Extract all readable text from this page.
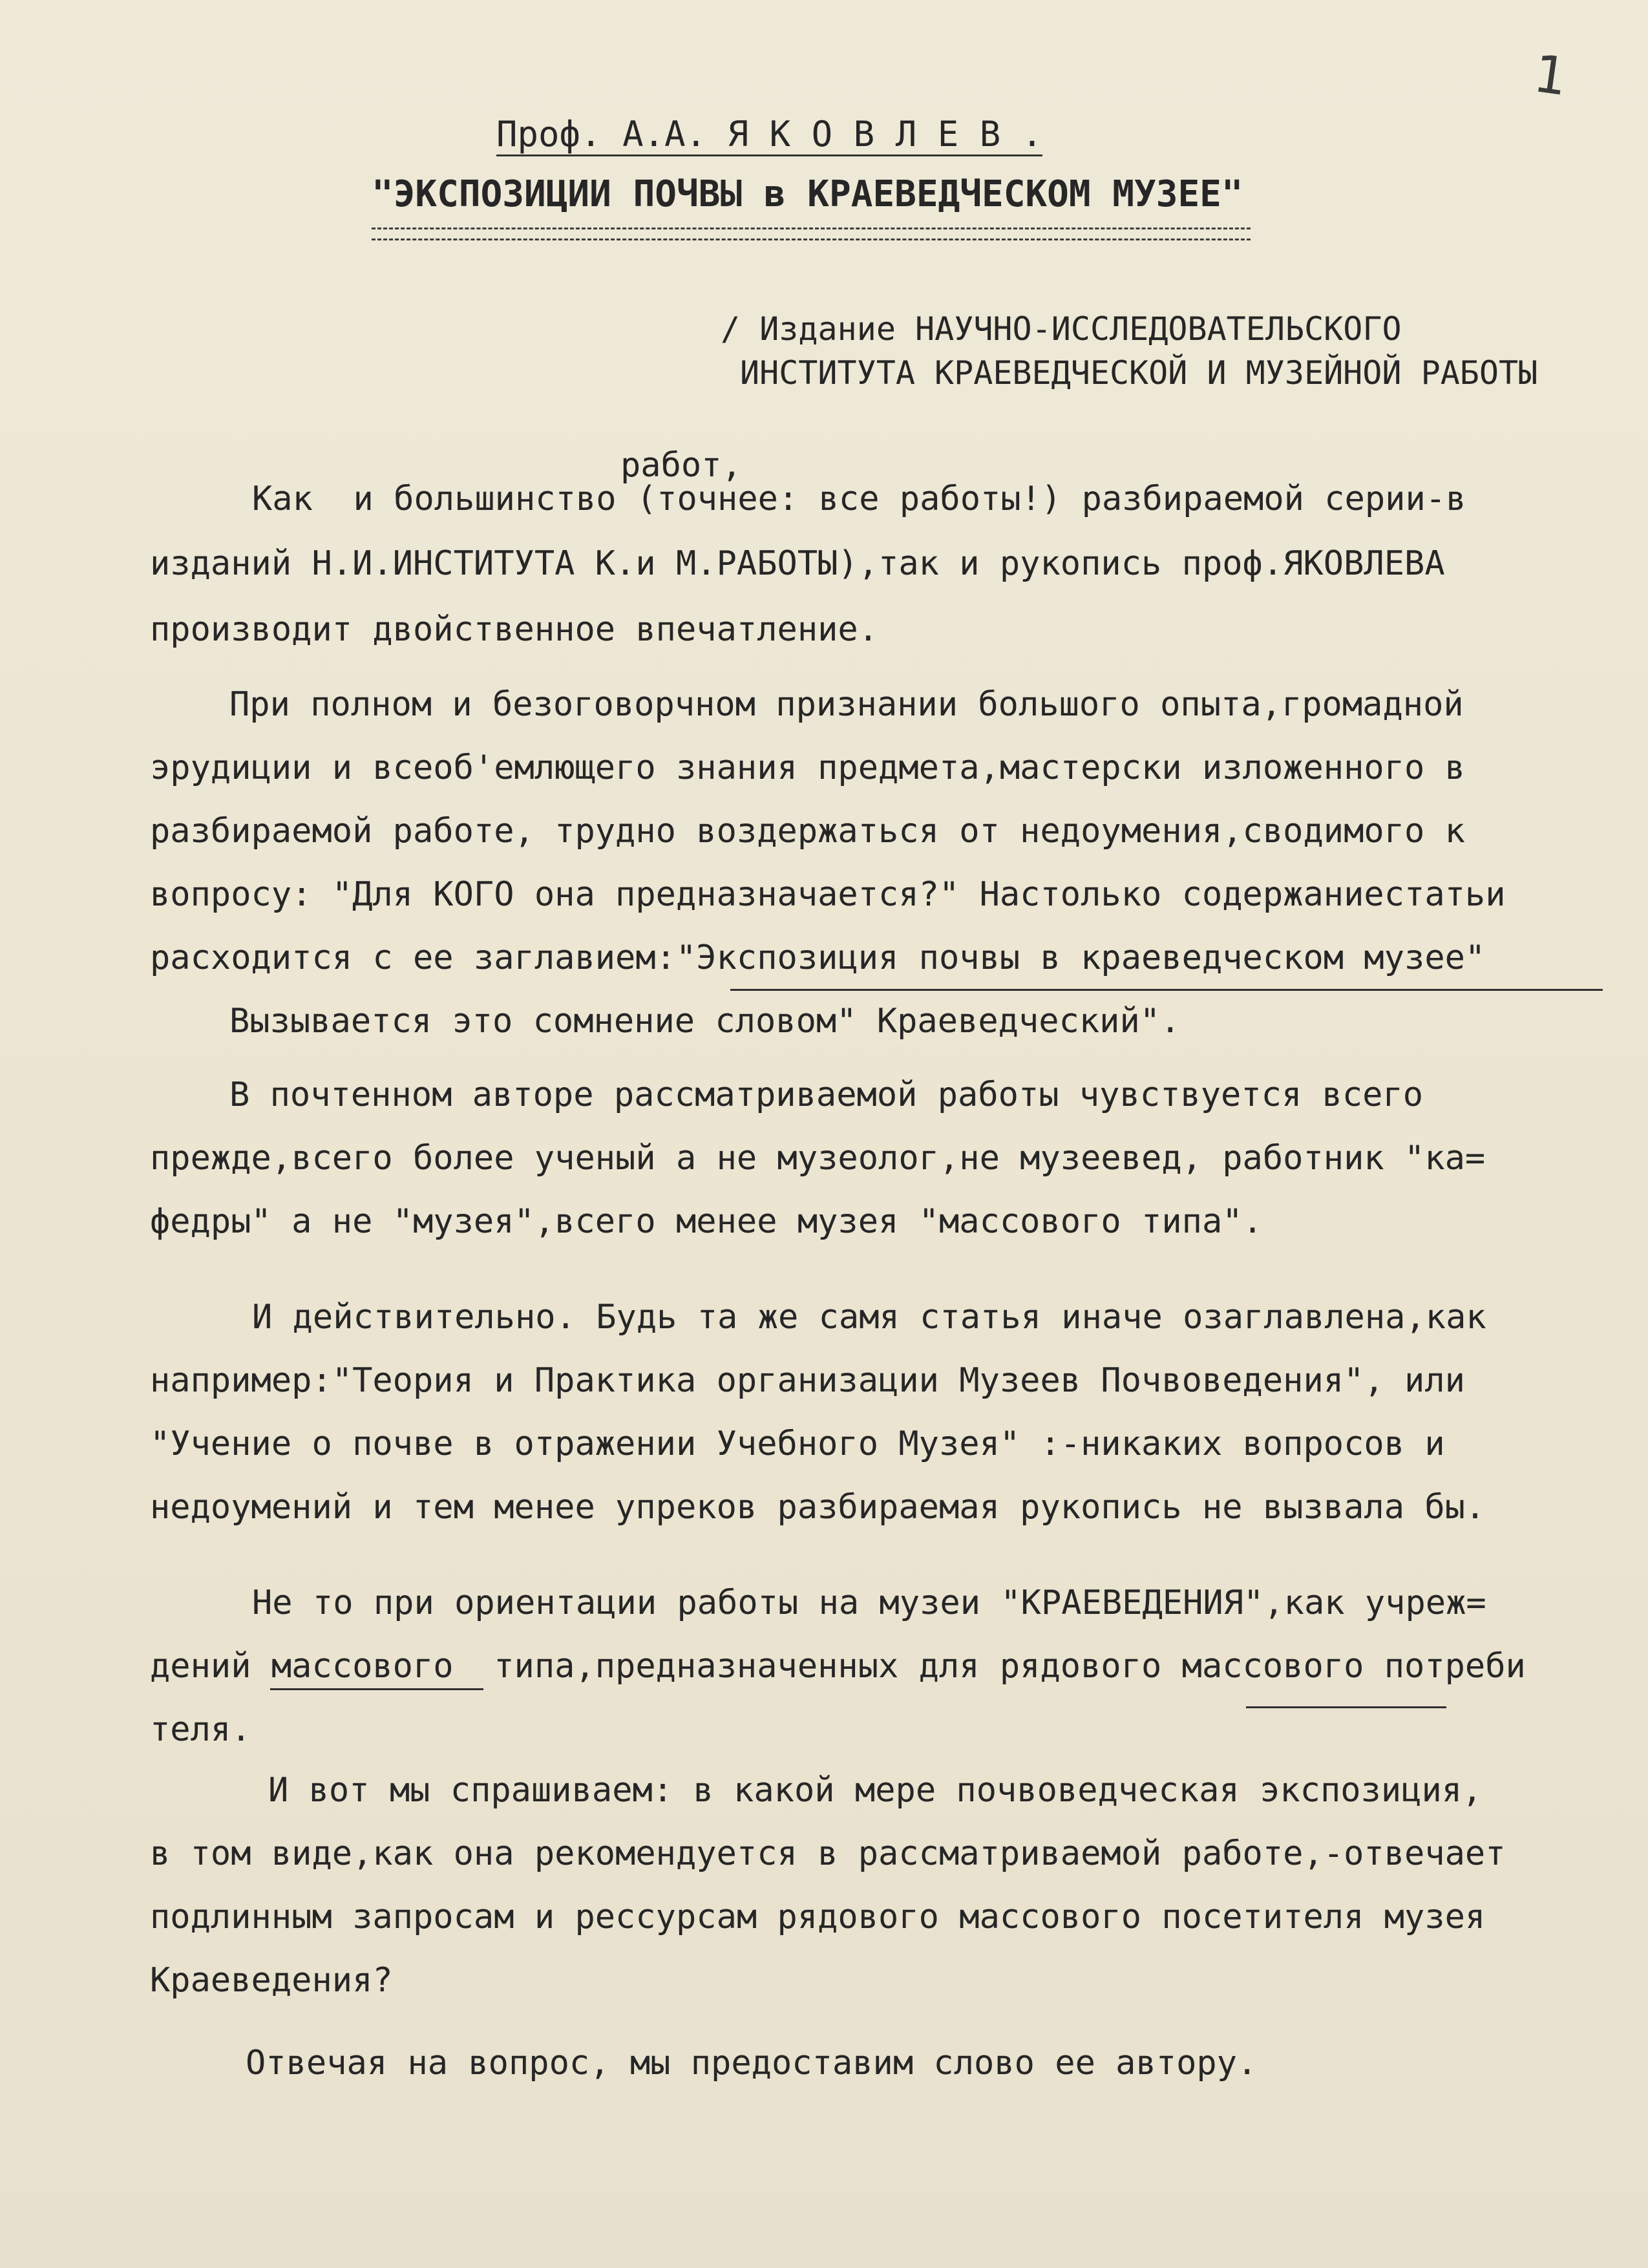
1
Проф. А.А. Я К О В Л Е В .
"ЭКСПОЗИЦИИ ПОЧВЫ в КРАЕВЕДЧЕСКОМ МУЗЕЕ"
/ Издание НАУЧНО-ИССЛЕДОВАТЕЛЬСКОГО
ИНСТИТУТА КРАЕВЕДЧЕСКОЙ И МУЗЕЙНОЙ РАБОТЫ
работ,
Как  и большинство (точнее: все работы!) разбираемой серии-в
изданий Н.И.ИНСТИТУТА К.и М.РАБОТЫ),так и рукопись проф.ЯКОВЛЕВА
производит двойственное впечатление.
При полном и безоговорчном признании большого опыта,громадной
эрудиции и всеоб'емлющего знания предмета,мастерски изложенного в
разбираемой работе, трудно воздержаться от недоумения,сводимого к
вопросу: "Для КОГО она предназначается?" Настолько содержаниестатьи
расходится с ее заглавием:"Экспозиция почвы в краеведческом музее"
Вызывается это сомнение словом" Краеведческий".
В почтенном авторе рассматриваемой работы чувствуется всего
прежде,всего более ученый а не музеолог,не музеевед, работник "ка=
федры" а не "музея",всего менее музея "массового типа".
И действительно. Будь та же самя статья иначе озаглавлена,как
например:"Теория и Практика организации Музеев Почвоведения", или
"Учение о почве в отражении Учебного Музея" :-никаких вопросов и
недоумений и тем менее упреков разбираемая рукопись не вызвала бы.
Не то при ориентации работы на музеи "КРАЕВЕДЕНИЯ",как учреж=
дений массового  типа,предназначенных для рядового массового потреби
теля.
И вот мы спрашиваем: в какой мере почвоведческая экспозиция,
в том виде,как она рекомендуется в рассматриваемой работе,-отвечает
подлинным запросам и рессурсам рядового массового посетителя музея
Краеведения?
Отвечая на вопрос, мы предоставим слово ее автору.
